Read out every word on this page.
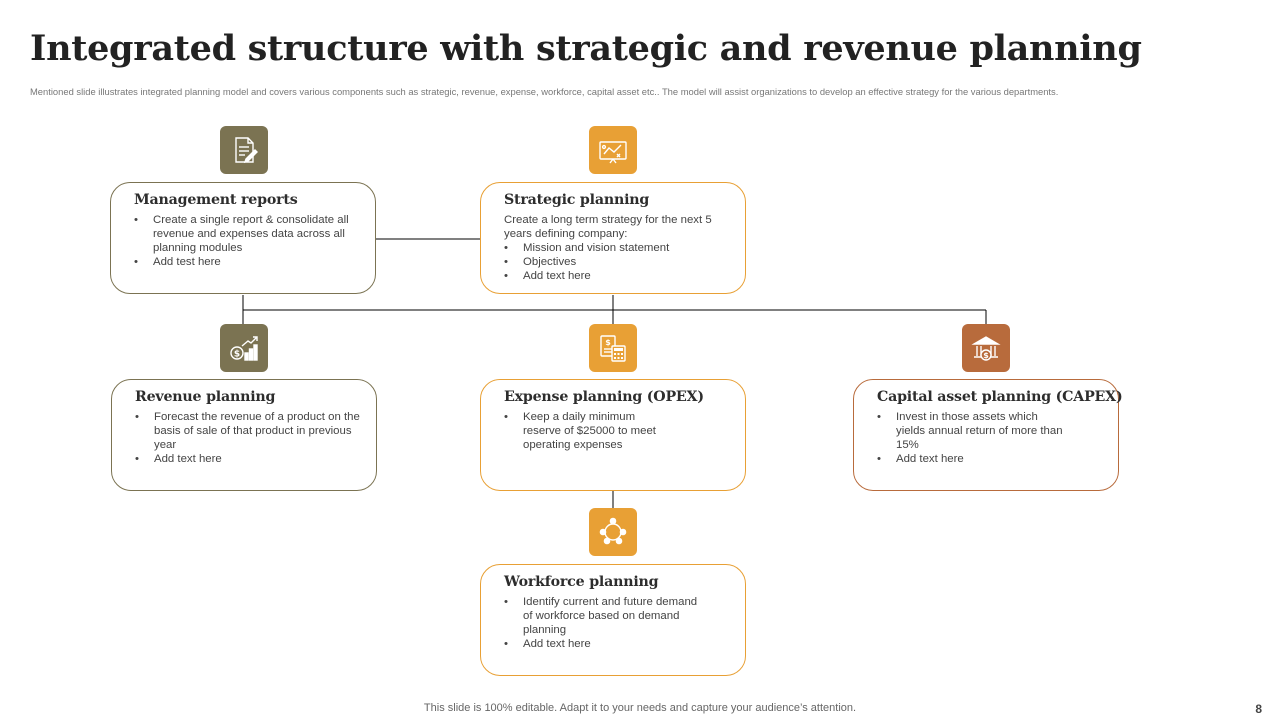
Integrated structure with strategic and revenue planning
Mentioned slide illustrates integrated planning model and covers various components such as strategic, revenue, expense, workforce, capital asset etc.. The model will assist organizations to develop an effective strategy for the various departments.
Management reports
• Create a single report & consolidate all revenue and expenses data across all planning modules
• Add test here
Strategic planning
Create a long term strategy for the next 5 years defining company:
• Mission and vision statement
• Objectives
• Add text here
$
Revenue planning
• Forecast the revenue of a product on the basis of sale of that product in previous year
• Add text here
$
Expense planning (OPEX)
• Keep a daily minimum reserve of $25000 to meet operating expenses
$
Capital asset planning (CAPEX)
• Invest in those assets which yields annual return of more than 15%
• Add text here
Workforce planning
• Identify current and future demand of workforce based on demand planning
• Add text here
This slide is 100% editable. Adapt it to your needs and capture your audience’s attention.	8
